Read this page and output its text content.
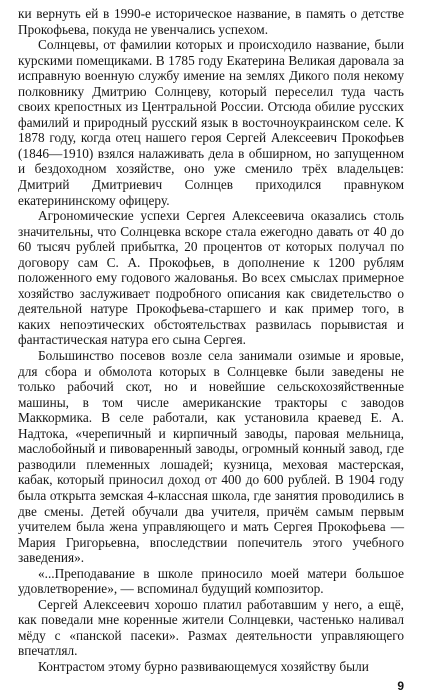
ки вернуть ей в 1990-е историческое название, в память о детстве Прокофьева, покуда не увенчались успехом.

Солнцевы, от фамилии которых и происходило название, были курскими помещиками. В 1785 году Екатерина Великая даровала за исправную военную службу имение на землях Дикого поля некому полковнику Дмитрию Солнцеву, который переселил туда часть своих крепостных из Центральной России. Отсюда обилие русских фамилий и природный русский язык в восточноукраинском селе. К 1878 году, когда отец нашего героя Сергей Алексеевич Прокофьев (1846—1910) взялся налаживать дела в обширном, но запущенном и бездоходном хозяйстве, оно уже сменило трёх владельцев: Дмитрий Дмитриевич Солнцев приходился правнуком екатерининскому офицеру.

Агрономические успехи Сергея Алексеевича оказались столь значительны, что Солнцевка вскоре стала ежегодно давать от 40 до 60 тысяч рублей прибытка, 20 процентов от которых получал по договору сам С. А. Прокофьев, в дополнение к 1200 рублям положенного ему годового жалованья. Во всех смыслах примерное хозяйство заслуживает подробного описания как свидетельство о деятельной натуре Прокофьева-старшего и как пример того, в каких непоэтических обстоятельствах развилась порывистая и фантастическая натура его сына Сергея.

Большинство посевов возле села занимали озимые и яровые, для сбора и обмолота которых в Солнцевке были заведены не только рабочий скот, но и новейшие сельскохозяйственные машины, в том числе американские тракторы с заводов Маккормика. В селе работали, как установила краевед Е. А. Надтока, «черепичный и кирпичный заводы, паровая мельница, маслобойный и пивоваренный заводы, огромный конный завод, где разводили племенных лошадей; кузница, меховая мастерская, кабак, который приносил доход от 400 до 600 рублей. В 1904 году была открыта земская 4-классная школа, где занятия проводились в две смены. Детей обучали два учителя, причём самым первым учителем была жена управляющего и мать Сергея Прокофьева — Мария Григорьевна, впоследствии попечитель этого учебного заведения».

«...Преподавание в школе приносило моей матери большое удовлетворение», — вспоминал будущий композитор.

Сергей Алексеевич хорошо платил работавшим у него, а ещё, как поведали мне коренные жители Солнцевки, частенько наливал мёду с «панской пасеки». Размах деятельности управляющего впечатлял.

Контрастом этому бурно развивающемуся хозяйству были

9
